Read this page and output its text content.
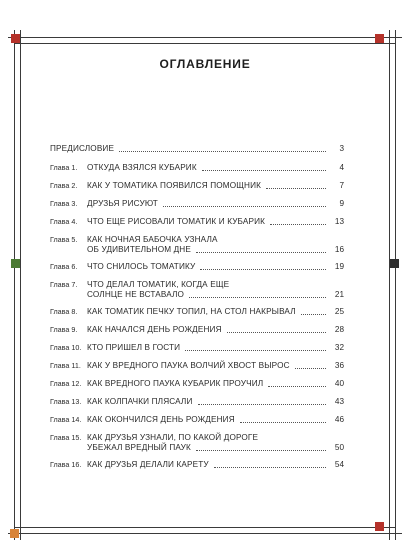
ОГЛАВЛЕНИЕ
ПРЕДИСЛОВИЕ	3
Глава 1.	ОТКУДА ВЗЯЛСЯ КУБАРИК	4
Глава 2.	КАК У ТОМАТИКА ПОЯВИЛСЯ ПОМОЩНИК	7
Глава 3.	ДРУЗЬЯ РИСУЮТ	9
Глава 4.	ЧТО ЕЩЕ РИСОВАЛИ ТОМАТИК И КУБАРИК	13
Глава 5.	КАК НОЧНАЯ БАБОЧКА УЗНАЛА
ОБ УДИВИТЕЛЬНОМ ДНЕ	16
Глава 6.	ЧТО СНИЛОСЬ ТОМАТИКУ	19
Глава 7.	ЧТО ДЕЛАЛ ТОМАТИК, КОГДА ЕЩЕ
СОЛНЦЕ НЕ ВСТАВАЛО	21
Глава 8.	КАК ТОМАТИК ПЕЧКУ ТОПИЛ, НА СТОЛ НАКРЫВАЛ	25
Глава 9.	КАК НАЧАЛСЯ ДЕНЬ РОЖДЕНИЯ	28
Глава 10. КТО ПРИШЕЛ В ГОСТИ	32
Глава 11. КАК У ВРЕДНОГО ПАУКА ВОЛЧИЙ ХВОСТ ВЫРОС	36
Глава 12. КАК ВРЕДНОГО ПАУКА КУБАРИК ПРОУЧИЛ	40
Глава 13. КАК КОЛПАЧКИ ПЛЯСАЛИ	43
Глава 14. КАК ОКОНЧИЛСЯ ДЕНЬ РОЖДЕНИЯ	46
Глава 15. КАК ДРУЗЬЯ УЗНАЛИ, ПО КАКОЙ ДОРОГЕ
УБЕЖАЛ ВРЕДНЫЙ ПАУК	50
Глава 16. КАК ДРУЗЬЯ ДЕЛАЛИ КАРЕТУ	54
